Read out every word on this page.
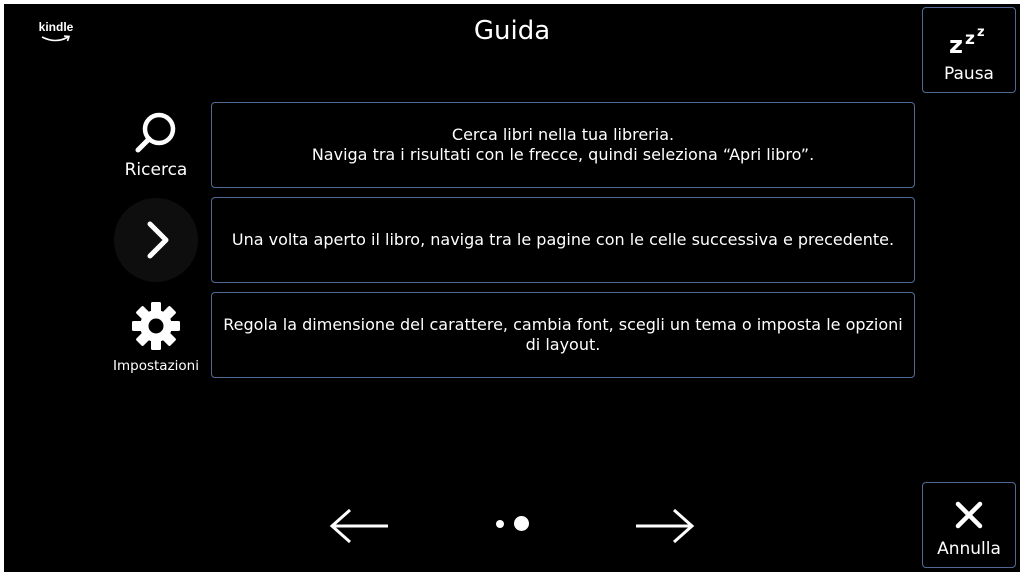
kindle	Guida	z z z
Pausa
Ricerca
Cerca libri nella tua libreria.
Naviga tra i risultati con le frecce, quindi seleziona “Apri libro”.
Una volta aperto il libro, naviga tra le pagine con le celle successiva e precedente.
Impostazioni
Regola la dimensione del carattere, cambia font, scegli un tema o imposta le opzioni di layout.
Annulla
